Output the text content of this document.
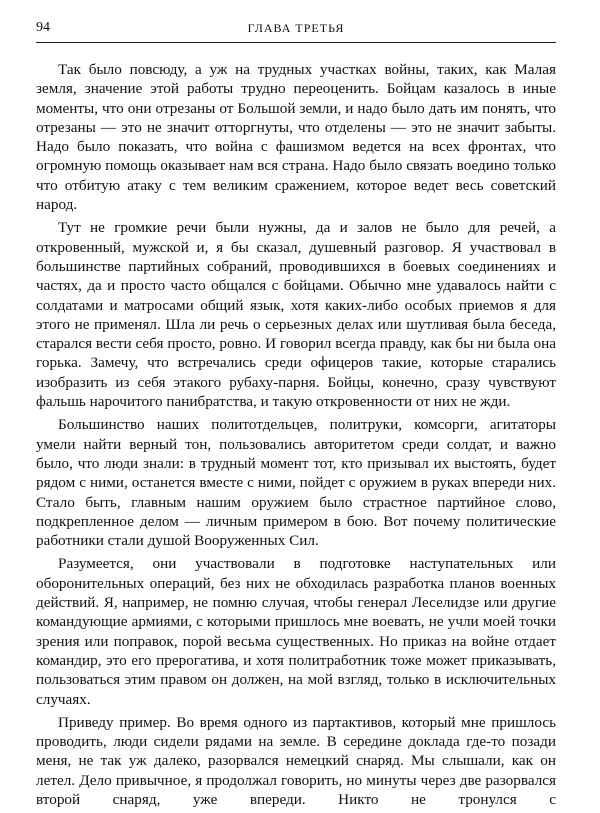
94	ГЛАВА ТРЕТЬЯ

Так было повсюду, а уж на трудных участках войны, таких, как Малая земля, значение этой работы трудно переоценить. Бойцам казалось в иные моменты, что они отрезаны от Большой земли, и надо было дать им понять, что отрезаны — это не значит отторгнуты, что отделены — это не значит забыты. Надо было показать, что война с фашизмом ведется на всех фронтах, что огромную помощь оказывает нам вся страна. Надо было связать воедино только что отбитую атаку с тем великим сражением, которое ведет весь советский народ.

Тут не громкие речи были нужны, да и залов не было для речей, а откровенный, мужской и, я бы сказал, душевный разговор. Я участвовал в большинстве партийных собраний, проводившихся в боевых соединениях и частях, да и просто часто общался с бойцами. Обычно мне удавалось найти с солдатами и матросами общий язык, хотя каких-либо особых приемов я для этого не применял. Шла ли речь о серьезных делах или шутливая была беседа, старался вести себя просто, ровно. И говорил всегда правду, как бы ни была она горька. Замечу, что встречались среди офицеров такие, которые старались изобразить из себя этакого рубаху-парня. Бойцы, конечно, сразу чувствуют фальшь нарочитого панибратства, и такую откровенности от них не жди.

Большинство наших политотдельцев, политруки, комсорги, агитаторы умели найти верный тон, пользовались авторитетом среди солдат, и важно было, что люди знали: в трудный момент тот, кто призывал их выстоять, будет рядом с ними, останется вместе с ними, пойдет с оружием в руках впереди них. Стало быть, главным нашим оружием было страстное партийное слово, подкрепленное делом — личным примером в бою. Вот почему политические работники стали душой Вооруженных Сил.

Разумеется, они участвовали в подготовке наступательных или оборонительных операций, без них не обходилась разработка планов военных действий. Я, например, не помню случая, чтобы генерал Леселидзе или другие командующие армиями, с которыми пришлось мне воевать, не учли моей точки зрения или поправок, порой весьма существенных. Но приказ на войне отдает командир, это его прерогатива, и хотя политработник тоже может приказывать, пользоваться этим правом он должен, на мой взгляд, только в исключительных случаях.

Приведу пример. Во время одного из партактивов, который мне пришлось проводить, люди сидели рядами на земле. В середине доклада где-то позади меня, не так уж далеко, разорвался немецкий снаряд. Мы слышали, как он летел. Дело привычное, я продолжал говорить, но минуты через две разорвался второй снаряд, уже впереди. Никто не тронулся с
